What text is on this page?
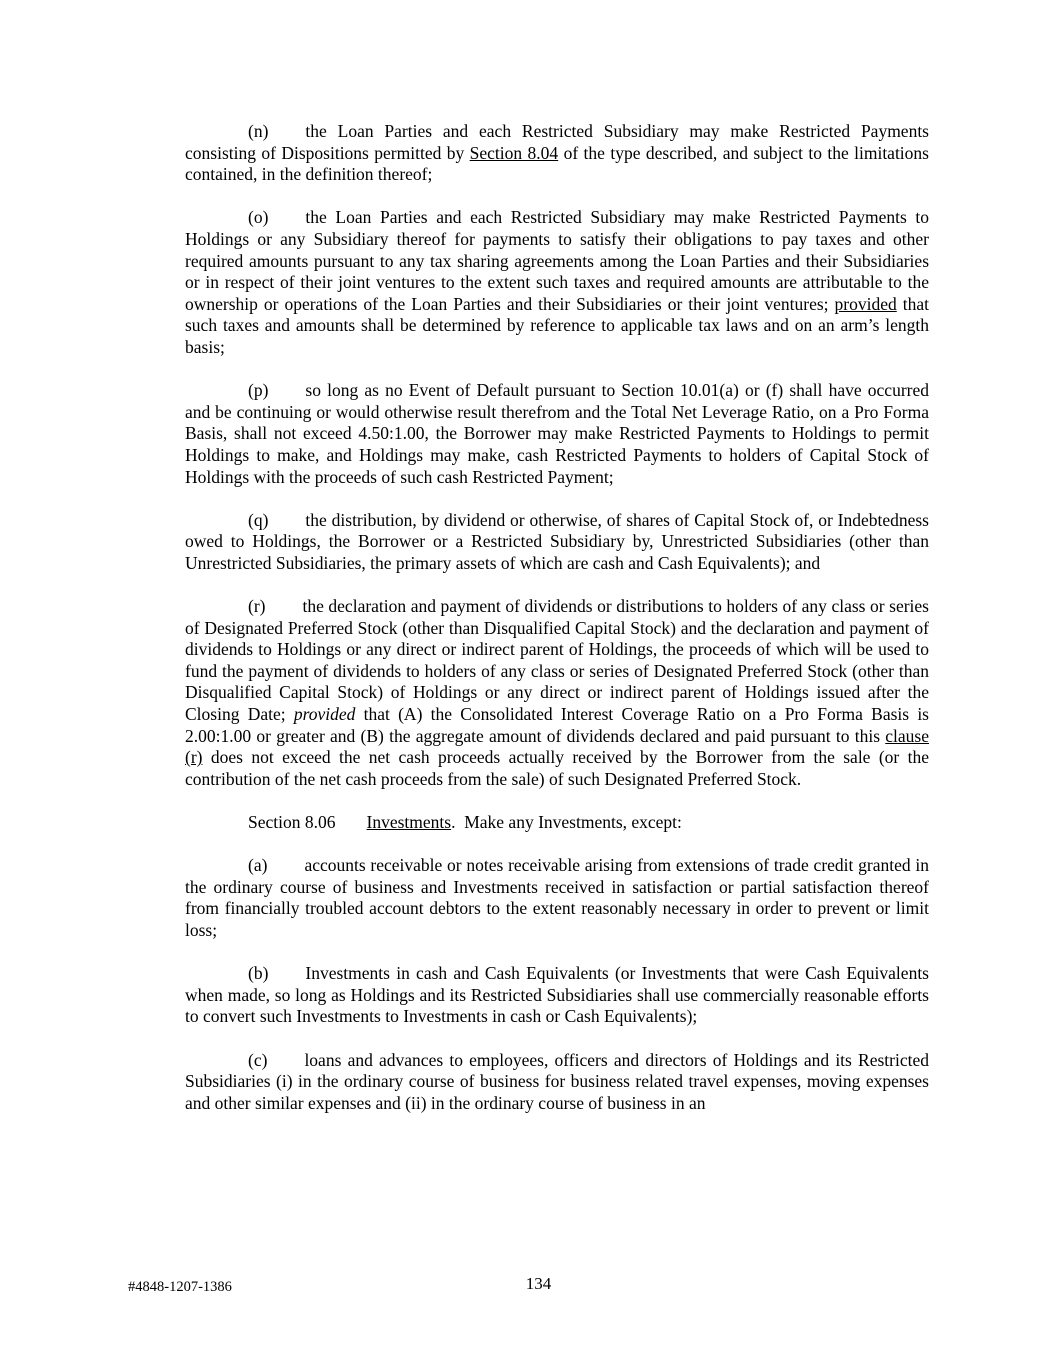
(n) the Loan Parties and each Restricted Subsidiary may make Restricted Payments consisting of Dispositions permitted by Section 8.04 of the type described, and subject to the limitations contained, in the definition thereof;

(o) the Loan Parties and each Restricted Subsidiary may make Restricted Payments to Holdings or any Subsidiary thereof for payments to satisfy their obligations to pay taxes and other required amounts pursuant to any tax sharing agreements among the Loan Parties and their Subsidiaries or in respect of their joint ventures to the extent such taxes and required amounts are attributable to the ownership or operations of the Loan Parties and their Subsidiaries or their joint ventures; provided that such taxes and amounts shall be determined by reference to applicable tax laws and on an arm’s length basis;

(p) so long as no Event of Default pursuant to Section 10.01(a) or (f) shall have occurred and be continuing or would otherwise result therefrom and the Total Net Leverage Ratio, on a Pro Forma Basis, shall not exceed 4.50:1.00, the Borrower may make Restricted Payments to Holdings to permit Holdings to make, and Holdings may make, cash Restricted Payments to holders of Capital Stock of Holdings with the proceeds of such cash Restricted Payment;

(q) the distribution, by dividend or otherwise, of shares of Capital Stock of, or Indebtedness owed to Holdings, the Borrower or a Restricted Subsidiary by, Unrestricted Subsidiaries (other than Unrestricted Subsidiaries, the primary assets of which are cash and Cash Equivalents); and

(r) the declaration and payment of dividends or distributions to holders of any class or series of Designated Preferred Stock (other than Disqualified Capital Stock) and the declaration and payment of dividends to Holdings or any direct or indirect parent of Holdings, the proceeds of which will be used to fund the payment of dividends to holders of any class or series of Designated Preferred Stock (other than Disqualified Capital Stock) of Holdings or any direct or indirect parent of Holdings issued after the Closing Date; provided that (A) the Consolidated Interest Coverage Ratio on a Pro Forma Basis is 2.00:1.00 or greater and (B) the aggregate amount of dividends declared and paid pursuant to this clause (r) does not exceed the net cash proceeds actually received by the Borrower from the sale (or the contribution of the net cash proceeds from the sale) of such Designated Preferred Stock.

Section 8.06 Investments.  Make any Investments, except:

(a) accounts receivable or notes receivable arising from extensions of trade credit granted in the ordinary course of business and Investments received in satisfaction or partial satisfaction thereof from financially troubled account debtors to the extent reasonably necessary in order to prevent or limit loss;

(b) Investments in cash and Cash Equivalents (or Investments that were Cash Equivalents when made, so long as Holdings and its Restricted Subsidiaries shall use commercially reasonable efforts to convert such Investments to Investments in cash or Cash Equivalents);

(c) loans and advances to employees, officers and directors of Holdings and its Restricted Subsidiaries (i) in the ordinary course of business for business related travel expenses, moving expenses and other similar expenses and (ii) in the ordinary course of business in an

#4848-1207-1386	134
